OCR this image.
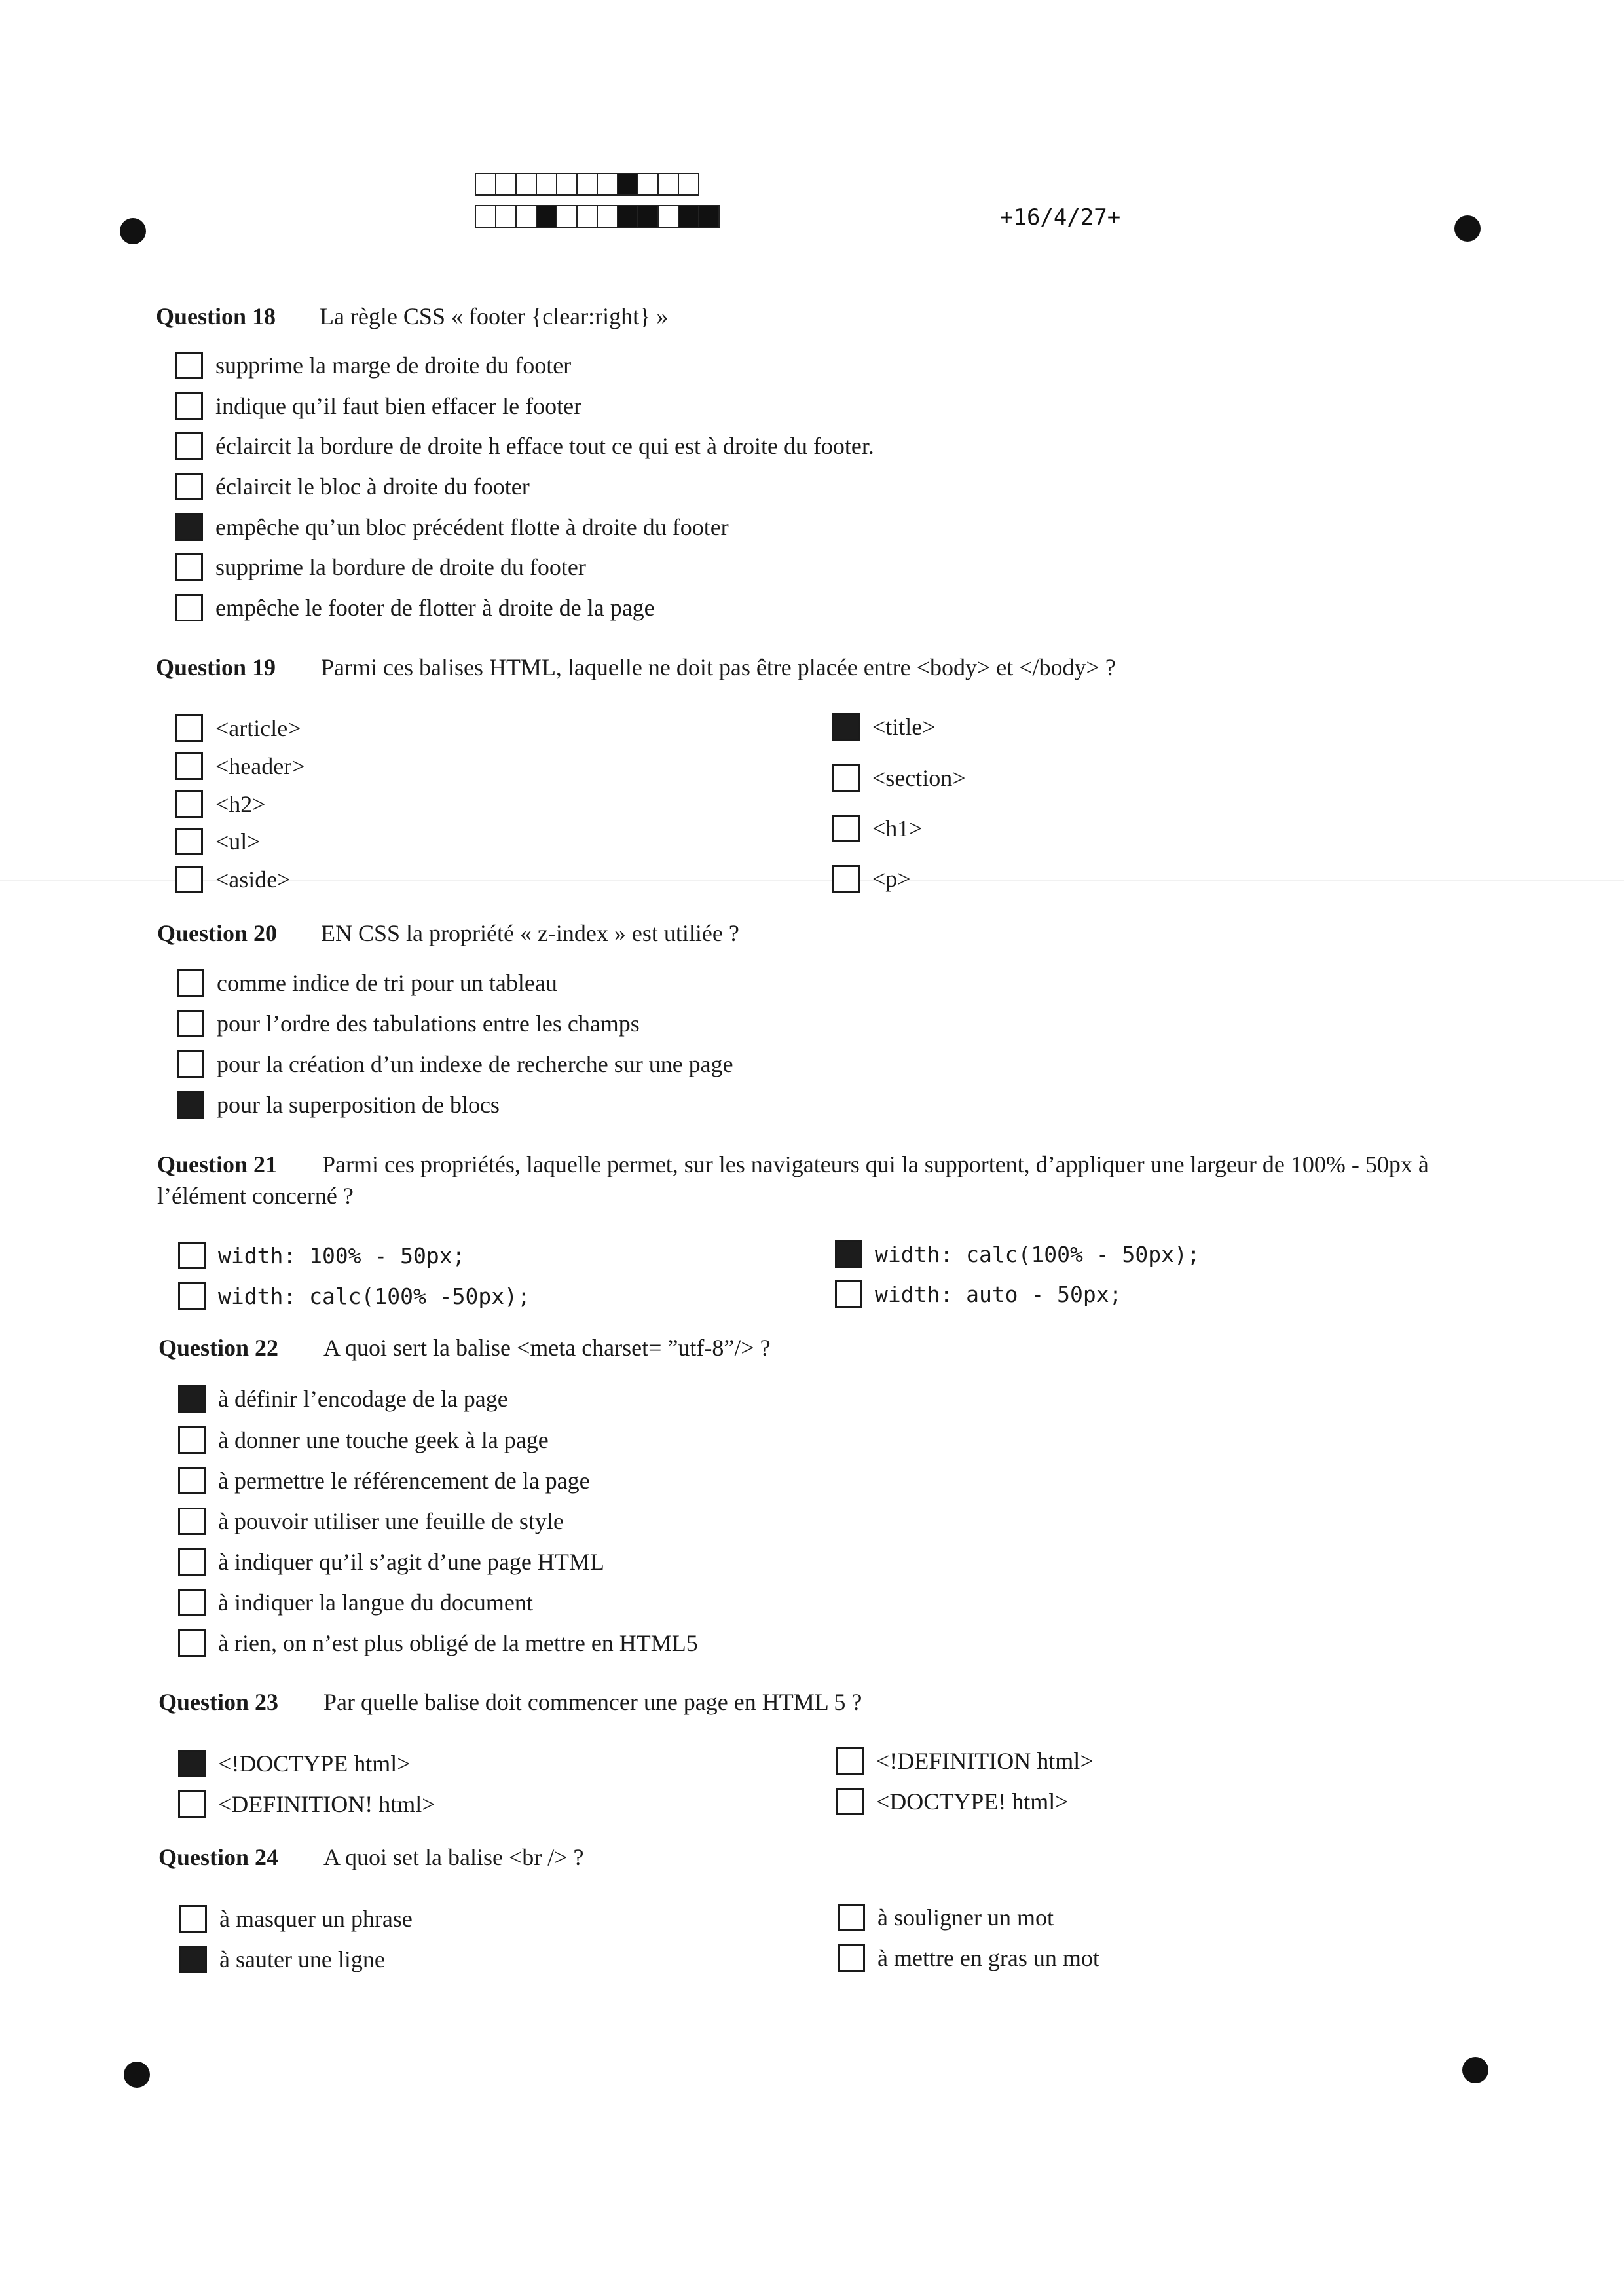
+16/4/27+
Question 18 La règle CSS « footer {clear:right} »
supprime la marge de droite du footer
indique qu’il faut bien effacer le footer
éclaircit la bordure de droite h efface tout ce qui est à droite du footer.
éclaircit le bloc à droite du footer
empêche qu’un bloc précédent flotte à droite du footer
supprime la bordure de droite du footer
empêche le footer de flotter à droite de la page
Question 19 Parmi ces balises HTML, laquelle ne doit pas être placée entre <body> et </body> ?
<article>
<header>
<h2>
<ul>
<aside>
<title>
<section>
<h1>
<p>
Question 20 EN CSS la propriété « z-index » est utiliée ?
comme indice de tri pour un tableau
pour l’ordre des tabulations entre les champs
pour la création d’un indexe de recherche sur une page
pour la superposition de blocs
Question 21 Parmi ces propriétés, laquelle permet, sur les navigateurs qui la supportent, d’appliquer une largeur de 100% - 50px à l’élément concerné ?
width: 100% - 50px;
width: calc(100% -50px);
width: calc(100% - 50px);
width: auto - 50px;
Question 22 A quoi sert la balise <meta charset= ”utf-8”/> ?
à définir l’encodage de la page
à donner une touche geek à la page
à permettre le référencement de la page
à pouvoir utiliser une feuille de style
à indiquer qu’il s’agit d’une page HTML
à indiquer la langue du document
à rien, on n’est plus obligé de la mettre en HTML5
Question 23 Par quelle balise doit commencer une page en HTML 5 ?
<!DOCTYPE html>
<DEFINITION! html>
<!DEFINITION html>
<DOCTYPE! html>
Question 24 A quoi set la balise <br /> ?
à masquer un phrase
à sauter une ligne
à souligner un mot
à mettre en gras un mot
